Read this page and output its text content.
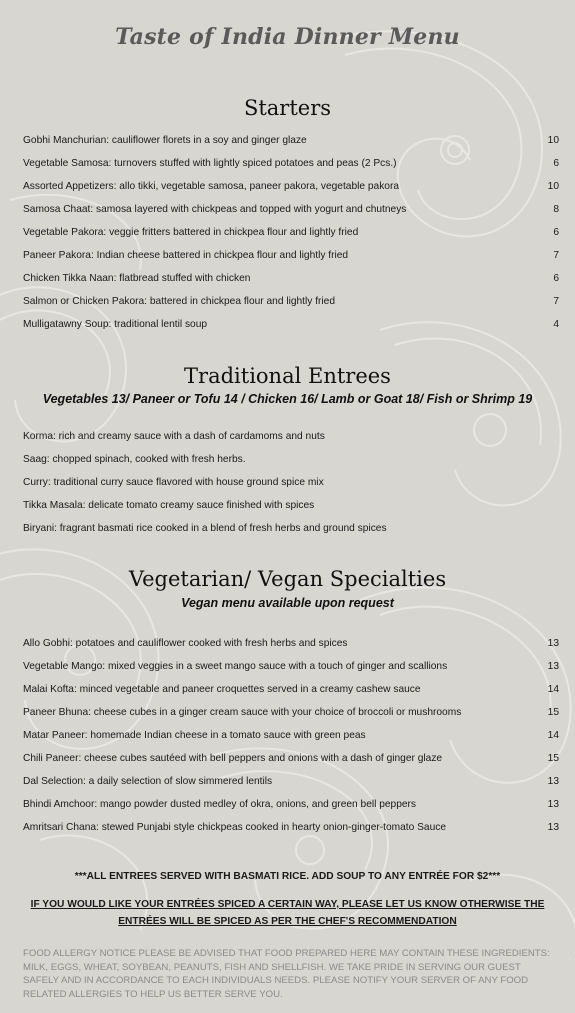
Taste of India Dinner Menu
Starters
Gobhi Manchurian: cauliflower florets in a soy and ginger glaze	10
Vegetable Samosa: turnovers stuffed with lightly spiced potatoes and peas (2 Pcs.)	6
Assorted Appetizers: allo tikki, vegetable samosa, paneer pakora, vegetable pakora	10
Samosa Chaat: samosa layered with chickpeas and topped with yogurt and chutneys	8
Vegetable Pakora: veggie fritters battered in chickpea flour and lightly fried	6
Paneer Pakora: Indian cheese battered in chickpea flour and lightly fried	7
Chicken Tikka Naan: flatbread stuffed with chicken	6
Salmon or Chicken Pakora: battered in chickpea flour and lightly fried	7
Mulligatawny Soup: traditional lentil soup	4
Traditional Entrees
Vegetables 13/ Paneer or Tofu 14 / Chicken 16/ Lamb or Goat 18/ Fish or Shrimp 19
Korma: rich and creamy sauce with a dash of cardamoms and nuts
Saag: chopped spinach, cooked with fresh herbs.
Curry: traditional curry sauce flavored with house ground spice mix
Tikka Masala: delicate tomato creamy sauce finished with spices
Biryani: fragrant basmati rice cooked in a blend of fresh herbs and ground spices
Vegetarian/ Vegan Specialties
Vegan menu available upon request
Allo Gobhi: potatoes and cauliflower cooked with fresh herbs and spices	13
Vegetable Mango: mixed veggies in a sweet mango sauce with a touch of ginger and scallions	13
Malai Kofta: minced vegetable and paneer croquettes served in a creamy cashew sauce	14
Paneer Bhuna: cheese cubes in a ginger cream sauce with your choice of broccoli or mushrooms	15
Matar Paneer: homemade Indian cheese in a tomato sauce with green peas	14
Chili Paneer: cheese cubes sautéed with bell peppers and onions with a dash of ginger glaze	15
Dal Selection: a daily selection of slow simmered lentils	13
Bhindi Amchoor: mango powder dusted medley of okra, onions, and green bell peppers	13
Amritsari Chana: stewed Punjabi style chickpeas cooked in hearty onion-ginger-tomato Sauce	13
***ALL ENTREES SERVED WITH BASMATI RICE. ADD SOUP TO ANY ENTRÉE FOR $2***
IF YOU WOULD LIKE YOUR ENTRÉES SPICED A CERTAIN WAY, PLEASE LET US KNOW OTHERWISE THE ENTRÉES WILL BE SPICED AS PER THE CHEF'S RECOMMENDATION
FOOD ALLERGY NOTICE PLEASE BE ADVISED THAT FOOD PREPARED HERE MAY CONTAIN THESE INGREDIENTS: MILK, EGGS, WHEAT, SOYBEAN, PEANUTS, FISH AND SHELLFISH. WE TAKE PRIDE IN SERVING OUR GUEST SAFELY AND IN ACCORDANCE TO EACH INDIVIDUALS NEEDS. PLEASE NOTIFY YOUR SERVER OF ANY FOOD RELATED ALLERGIES TO HELP US BETTER SERVE YOU.
